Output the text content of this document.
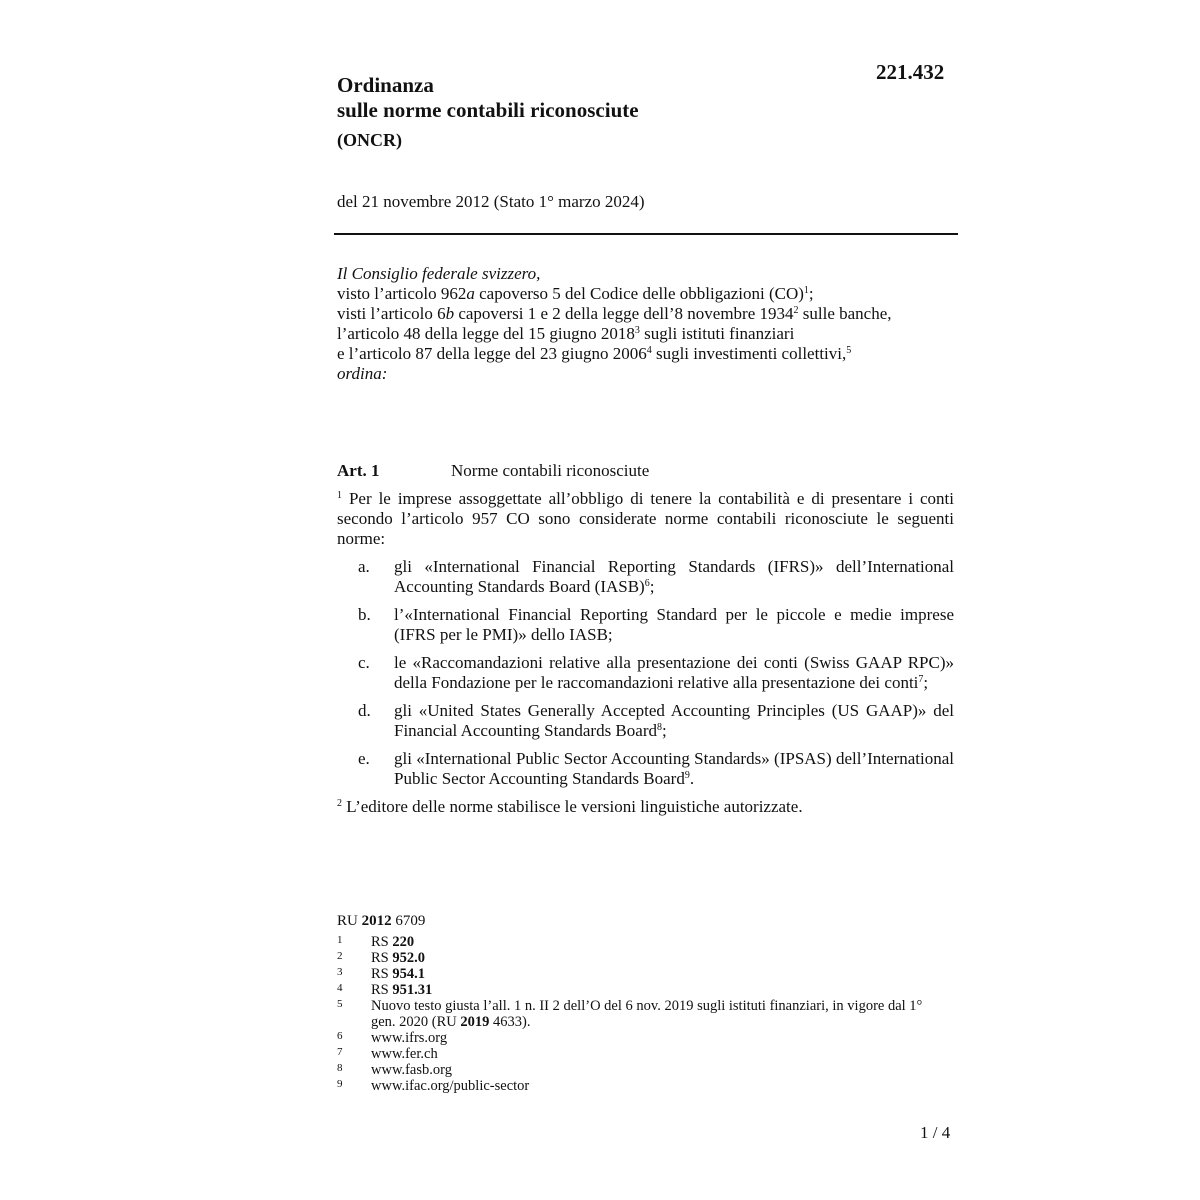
221.432
Ordinanza
sulle norme contabili riconosciute
(ONCR)
del 21 novembre 2012 (Stato 1° marzo 2024)

Il Consiglio federale svizzero,

visto l’articolo 962a capoverso 5 del Codice delle obbligazioni (CO)$^1$;

visti l’articolo 6b capoversi 1 e 2 della legge dell’8 novembre 1934$^2$ sulle banche,

l’articolo 48 della legge del 15 giugno 2018$^3$ sugli istituti finanziari

e l’articolo 87 della legge del 23 giugno 2006$^4$ sugli investimenti collettivi,$^5$

ordina:

Art. 1	Norme contabili riconosciute

$^1$ Per le imprese assoggettate all’obbligo di tenere la contabilità e di presentare i conti secondo l’articolo 957 CO sono considerate norme contabili riconosciute le seguenti norme:

a.	gli «International Financial Reporting Standards (IFRS)» dell’International Accounting Standards Board (IASB)$^6$;
b.	l’«International Financial Reporting Standard per le piccole e medie imprese (IFRS per le PMI)» dello IASB;
c.	le «Raccomandazioni relative alla presentazione dei conti (Swiss GAAP RPC)» della Fondazione per le raccomandazioni relative alla presentazione dei conti$^7$;
d.	gli «United States Generally Accepted Accounting Principles (US GAAP)» del Financial Accounting Standards Board$^8$;
e.	gli «International Public Sector Accounting Standards» (IPSAS) dell’International Public Sector Accounting Standards Board$^9$.

$^2$ L’editore delle norme stabilisce le versioni linguistiche autorizzate.

RU 2012 6709
1	RS 220
2	RS 952.0
3	RS 954.1
4	RS 951.31
5	Nuovo testo giusta l’all. 1 n. II 2 dell’O del 6 nov. 2019 sugli istituti finanziari, in vigore dal 1° gen. 2020 (RU 2019 4633).
6	www.ifrs.org
7	www.fer.ch
8	www.fasb.org
9	www.ifac.org/public-sector
1 / 4
